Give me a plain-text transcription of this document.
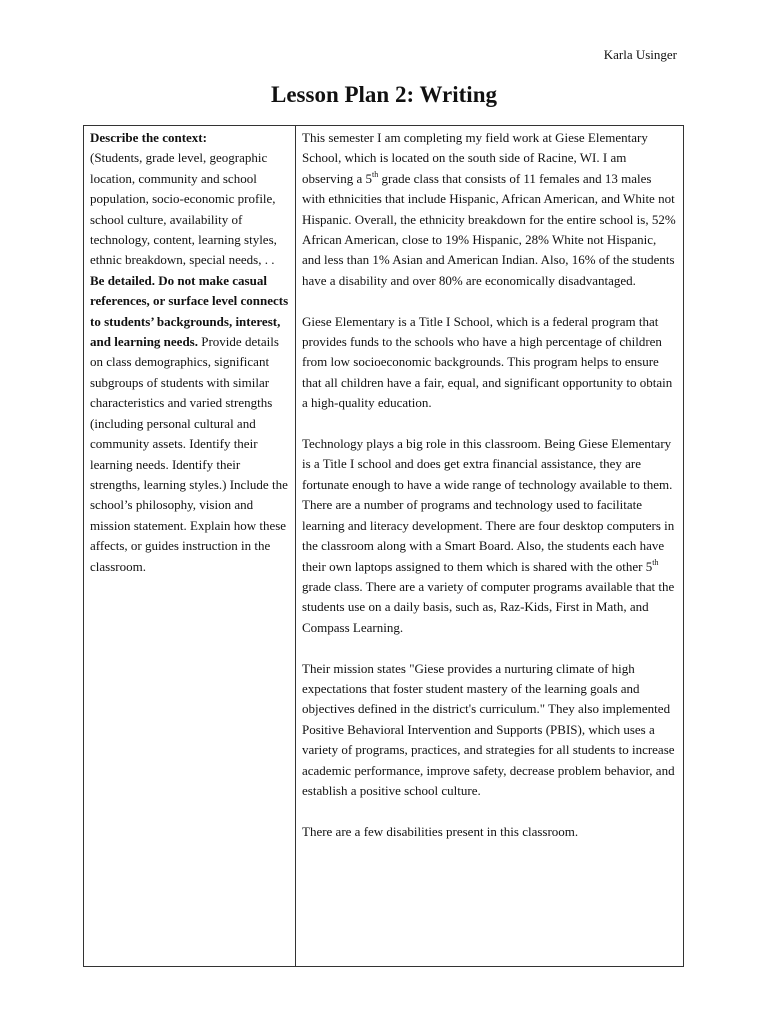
Karla Usinger
Lesson Plan 2: Writing
Describe the context:
(Students, grade level, geographic location, community and school population, socio-economic profile, school culture, availability of technology, content, learning styles, ethnic breakdown, special needs, . . Be detailed. Do not make casual references, or surface level connects to students’ backgrounds, interest, and learning needs. Provide details on class demographics, significant subgroups of students with similar characteristics and varied strengths (including personal cultural and community assets. Identify their learning needs. Identify their strengths, learning styles.) Include the school’s philosophy, vision and mission statement. Explain how these affects, or guides instruction in the classroom.	

This semester I am completing my field work at Giese Elementary School, which is located on the south side of Racine, WI. I am observing a 5th grade class that consists of 11 females and 13 males with ethnicities that include Hispanic, African American, and White not Hispanic. Overall, the ethnicity breakdown for the entire school is, 52% African American, close to 19% Hispanic, 28% White not Hispanic, and less than 1% Asian and American Indian. Also, 16% of the students have a disability and over 80% are economically disadvantaged.

Giese Elementary is a Title I School, which is a federal program that provides funds to the schools who have a high percentage of children from low socioeconomic backgrounds. This program helps to ensure that all children have a fair, equal, and significant opportunity to obtain a high-quality education.

Technology plays a big role in this classroom. Being Giese Elementary is a Title I school and does get extra financial assistance, they are fortunate enough to have a wide range of technology available to them. There are a number of programs and technology used to facilitate learning and literacy development. There are four desktop computers in the classroom along with a Smart Board. Also, the students each have their own laptops assigned to them which is shared with the other 5th grade class. There are a variety of computer programs available that the students use on a daily basis, such as, Raz-Kids, First in Math, and Compass Learning.

Their mission states "Giese provides a nurturing climate of high expectations that foster student mastery of the learning goals and objectives defined in the district's curriculum." They also implemented Positive Behavioral Intervention and Supports (PBIS), which uses a variety of programs, practices, and strategies for all students to increase academic performance, improve safety, decrease problem behavior, and establish a positive school culture.

There are a few disabilities present in this classroom.
